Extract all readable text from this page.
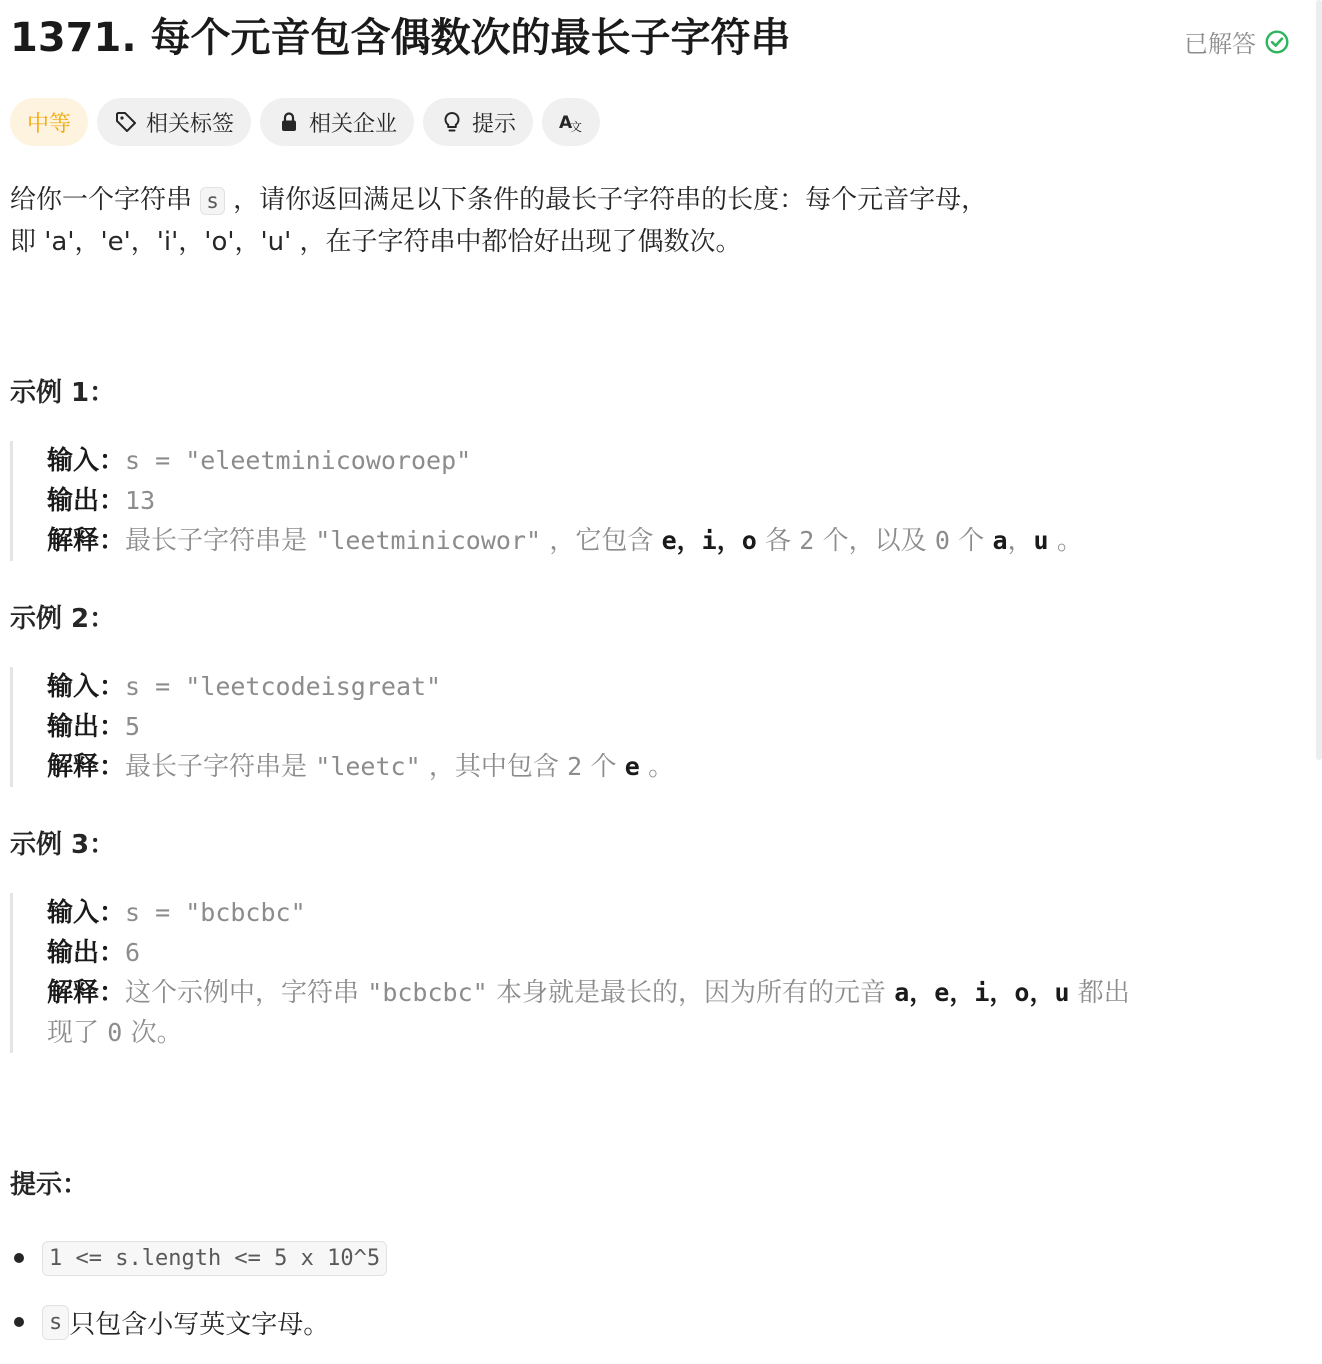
1371. 每个元音包含偶数次的最长子字符串	已解答
中等	相关标签	相关企业	提示	A
文
给你一个字符串 s ，请你返回满足以下条件的最长子字符串的长度：每个元音字母，
即 'a'，'e'，'i'，'o'，'u' ，在子字符串中都恰好出现了偶数次。
示例 1：
输入：s = "eleetminicoworoep"
输出：13
解释：最长子字符串是 "leetminicowor" ，它包含 e，i，o 各 2 个，以及 0 个 a，u 。
示例 2：
输入：s = "leetcodeisgreat"
输出：5
解释：最长子字符串是 "leetc" ，其中包含 2 个 e 。
示例 3：
输入：s = "bcbcbc"
输出：6
解释：这个示例中，字符串 "bcbcbc" 本身就是最长的，因为所有的元音 a，e，i，o，u 都出
现了 0 次。
提示：
1 <= s.length <= 5 x 10^5
s 只包含小写英文字母。
